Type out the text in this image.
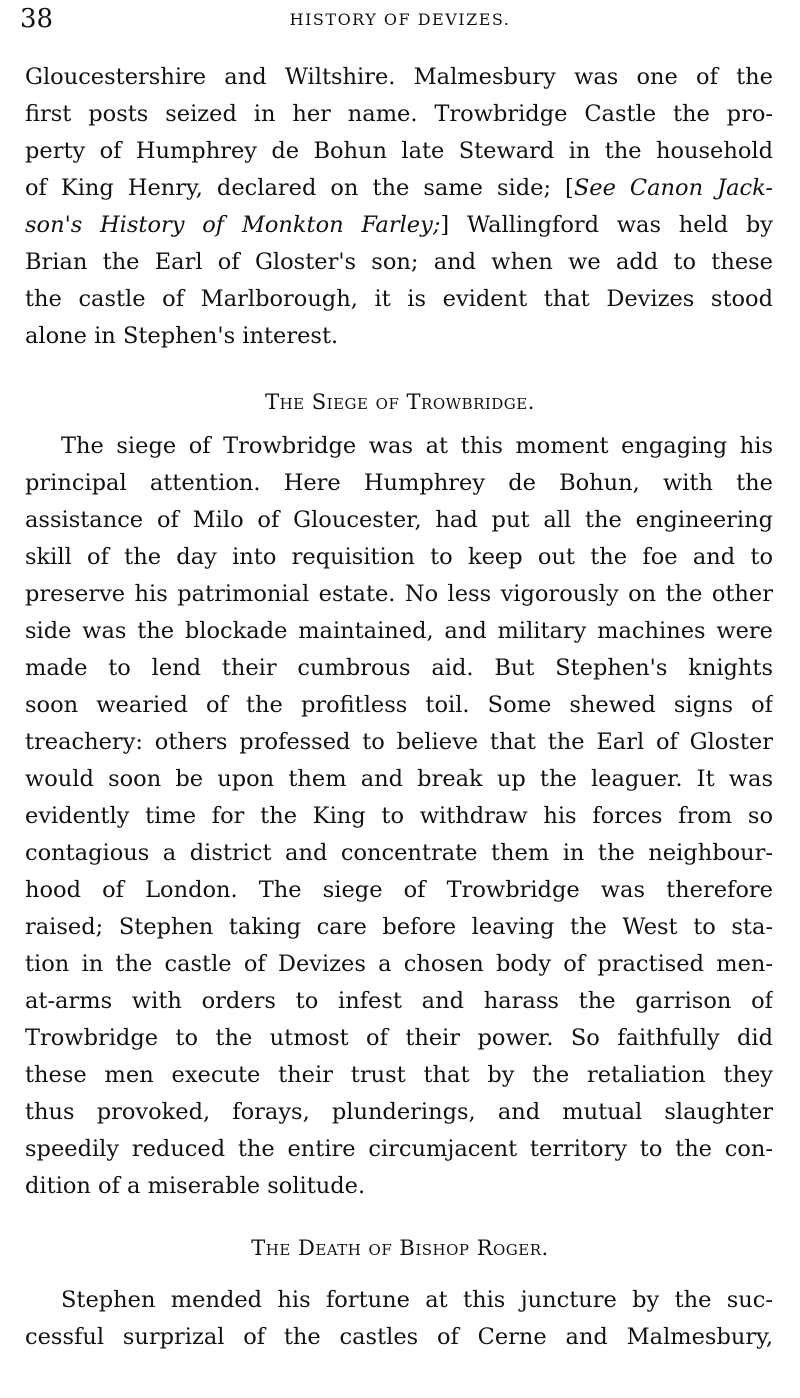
38	HISTORY OF DEVIZES.
Gloucestershire and Wiltshire. Malmesbury was one of the
first posts seized in her name. Trowbridge Castle the pro-
perty of Humphrey de Bohun late Steward in the household
of King Henry, declared on the same side; [See Canon Jack-
son's History of Monkton Farley;] Wallingford was held by
Brian the Earl of Gloster's son; and when we add to these
the castle of Marlborough, it is evident that Devizes stood
alone in Stephen's interest.
The Siege of Trowbridge.
The siege of Trowbridge was at this moment engaging his
principal attention. Here Humphrey de Bohun, with the
assistance of Milo of Gloucester, had put all the engineering
skill of the day into requisition to keep out the foe and to
preserve his patrimonial estate. No less vigorously on the other
side was the blockade maintained, and military machines were
made to lend their cumbrous aid. But Stephen's knights
soon wearied of the profitless toil. Some shewed signs of
treachery: others professed to believe that the Earl of Gloster
would soon be upon them and break up the leaguer. It was
evidently time for the King to withdraw his forces from so
contagious a district and concentrate them in the neighbour-
hood of London. The siege of Trowbridge was therefore
raised; Stephen taking care before leaving the West to sta-
tion in the castle of Devizes a chosen body of practised men-
at-arms with orders to infest and harass the garrison of
Trowbridge to the utmost of their power. So faithfully did
these men execute their trust that by the retaliation they
thus provoked, forays, plunderings, and mutual slaughter
speedily reduced the entire circumjacent territory to the con-
dition of a miserable solitude.
The Death of Bishop Roger.
Stephen mended his fortune at this juncture by the suc-
cessful surprizal of the castles of Cerne and Malmesbury,
